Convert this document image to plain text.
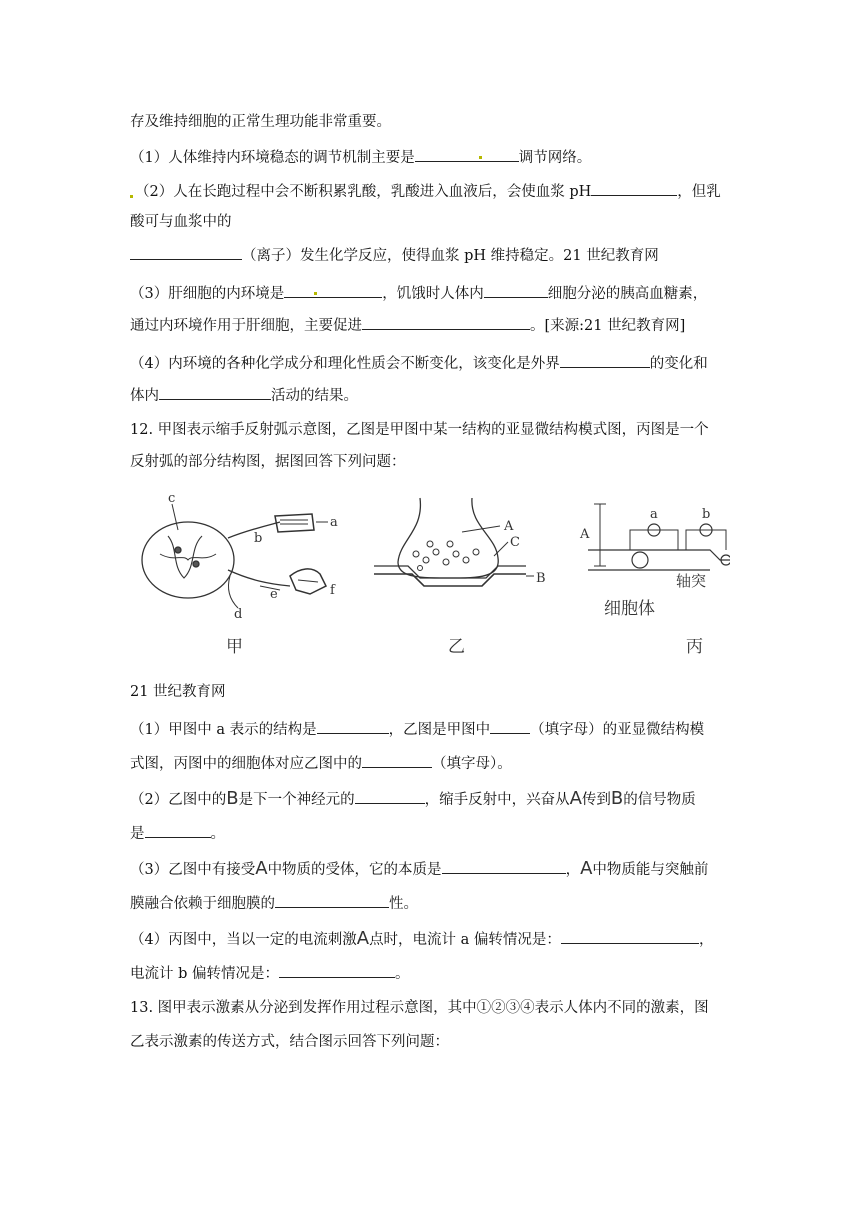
存及维持细胞的正常生理功能非常重要。
（1）人体维持内环境稳态的调节机制主要是	调节网络。
（2）人在长跑过程中会不断积累乳酸，乳酸进入血液后，会使血浆 pH	，但乳
酸可与血浆中的
（离子）发生化学反应，使得血浆 pH 维持稳定。21 世纪教育网
（3）肝细胞的内环境是	，饥饿时人体内	细胞分泌的胰高血糖素，
通过内环境作用于肝细胞，主要促进	。[来源:21 世纪教育网]
（4）内环境的各种化学成分和理化性质会不断变化，该变化是外界	的变化和
体内	活动的结果。
12. 甲图表示缩手反射弧示意图，乙图是甲图中某一结构的亚显微结构模式图，丙图是一个
反射弧的部分结构图，据图回答下列问题：
c
b
a
d
e	f
甲
A
C
B
乙
A
a	b
轴突
细胞体
丙
21 世纪教育网
（1）甲图中 a 表示的结构是	，乙图是甲图中	（填字母）的亚显微结构模
式图，丙图中的细胞体对应乙图中的	（填字母）。
（2）乙图中的B是下一个神经元的	，缩手反射中，兴奋从A传到B的信号物质
是	。
（3）乙图中有接受A中物质的受体，它的本质是	，A中物质能与突触前
膜融合依赖于细胞膜的	性。
（4）丙图中，当以一定的电流刺激A点时，电流计 a 偏转情况是：	，
电流计 b 偏转情况是：	。
13. 图甲表示激素从分泌到发挥作用过程示意图，其中①②③④表示人体内不同的激素，图
乙表示激素的传送方式，结合图示回答下列问题：
